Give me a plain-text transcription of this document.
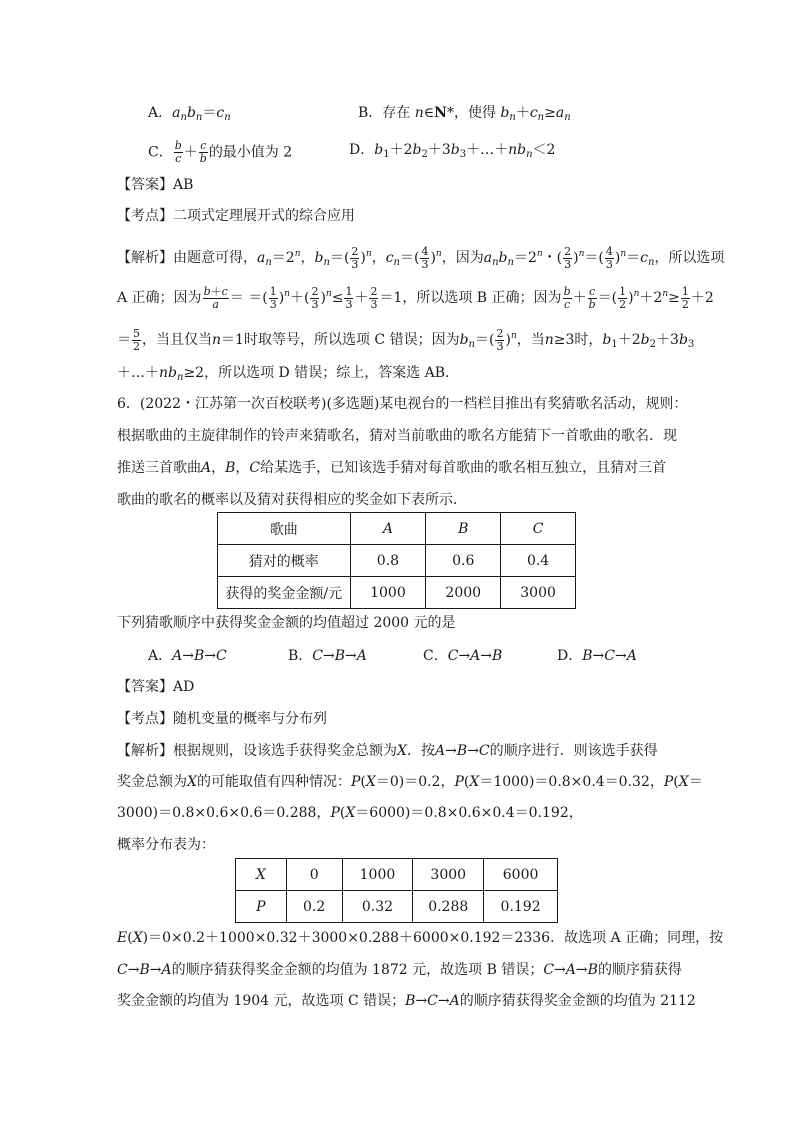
A．$a_nb_n=c_n$	B．存在 n∈N*，使得 $b_n+c_n\ge a_n$
C． $\frac{b}{c} + \frac{c}{b}$ 的最小值为 2	D．$b_1+2b_2+3b_3+\dots+nb_n<2$
【答案】AB
【考点】二项式定理展开式的综合应用
【解析】由题意可得，$a_n=2^n$，$b_n=( \frac{2}{3} )^n$，$c_n=( \frac{4}{3} )^n$，因为$a_nb_n=2^n$・( $\frac{2}{3} )^n=( \frac{4}{3} )^n=c_n$，所以选项
A 正确；因为 $\frac{b+c}{a}$ ＝ ＝( $\frac{1}{3} )^n+( \frac{2}{3} )^n\le \frac{1}{3} + \frac{2}{3} =1$，所以选项 B 正确；因为 $\frac{b}{c} + \frac{c}{b}$ ＝( $\frac{1}{2} )^n+2^n\ge \frac{1}{2} +2$
＝ $\frac{5}{2}$ ，当且仅当n＝1时取等号，所以选项 C 错误；因为$b_n=( \frac{2}{3} )^n$，当n≥3时，$b_1+2b_2+3b_3$
$+\dots+nb_n\ge 2$，所以选项 D 错误；综上，答案选 AB．
6．(2022・江苏第一次百校联考)(多选题)某电视台的一档栏目推出有奖猜歌名活动，规则：
根据歌曲的主旋律制作的铃声来猜歌名，猜对当前歌曲的歌名方能猜下一首歌曲的歌名．现
推送三首歌曲A，B，C给某选手，已知该选手猜对每首歌曲的歌名相互独立，且猜对三首
歌曲的歌名的概率以及猜对获得相应的奖金如下表所示．
歌曲	A	B	C
猜对的概率	0.8	0.6	0.4
获得的奖金金额/元	1000	2000	3000
下列猜歌顺序中获得奖金金额的均值超过 2000 元的是
A．A→B→C	B．C→B→A	C．C→A→B	D．B→C→A
【答案】AD
【考点】随机变量的概率与分布列
【解析】根据规则，设该选手获得奖金总额为X．按A→B→C的顺序进行．则该选手获得
奖金总额为X的可能取值有四种情况：P(X＝0)＝0.2，P(X＝1000)＝0.8×0.4＝0.32，P(X＝
3000)＝0.8×0.6×0.6＝0.288，P(X＝6000)＝0.8×0.6×0.4＝0.192，
概率分布表为：
X	0	1000	3000	6000
P	0.2	0.32	0.288	0.192
E(X)＝0×0.2＋1000×0.32＋3000×0.288＋6000×0.192＝2336．故选项 A 正确；同理，按
C→B→A的顺序猜获得奖金金额的均值为 1872 元，故选项 B 错误；C→A→B的顺序猜获得
奖金金额的均值为 1904 元，故选项 C 错误；B→C→A的顺序猜获得奖金金额的均值为 2112
